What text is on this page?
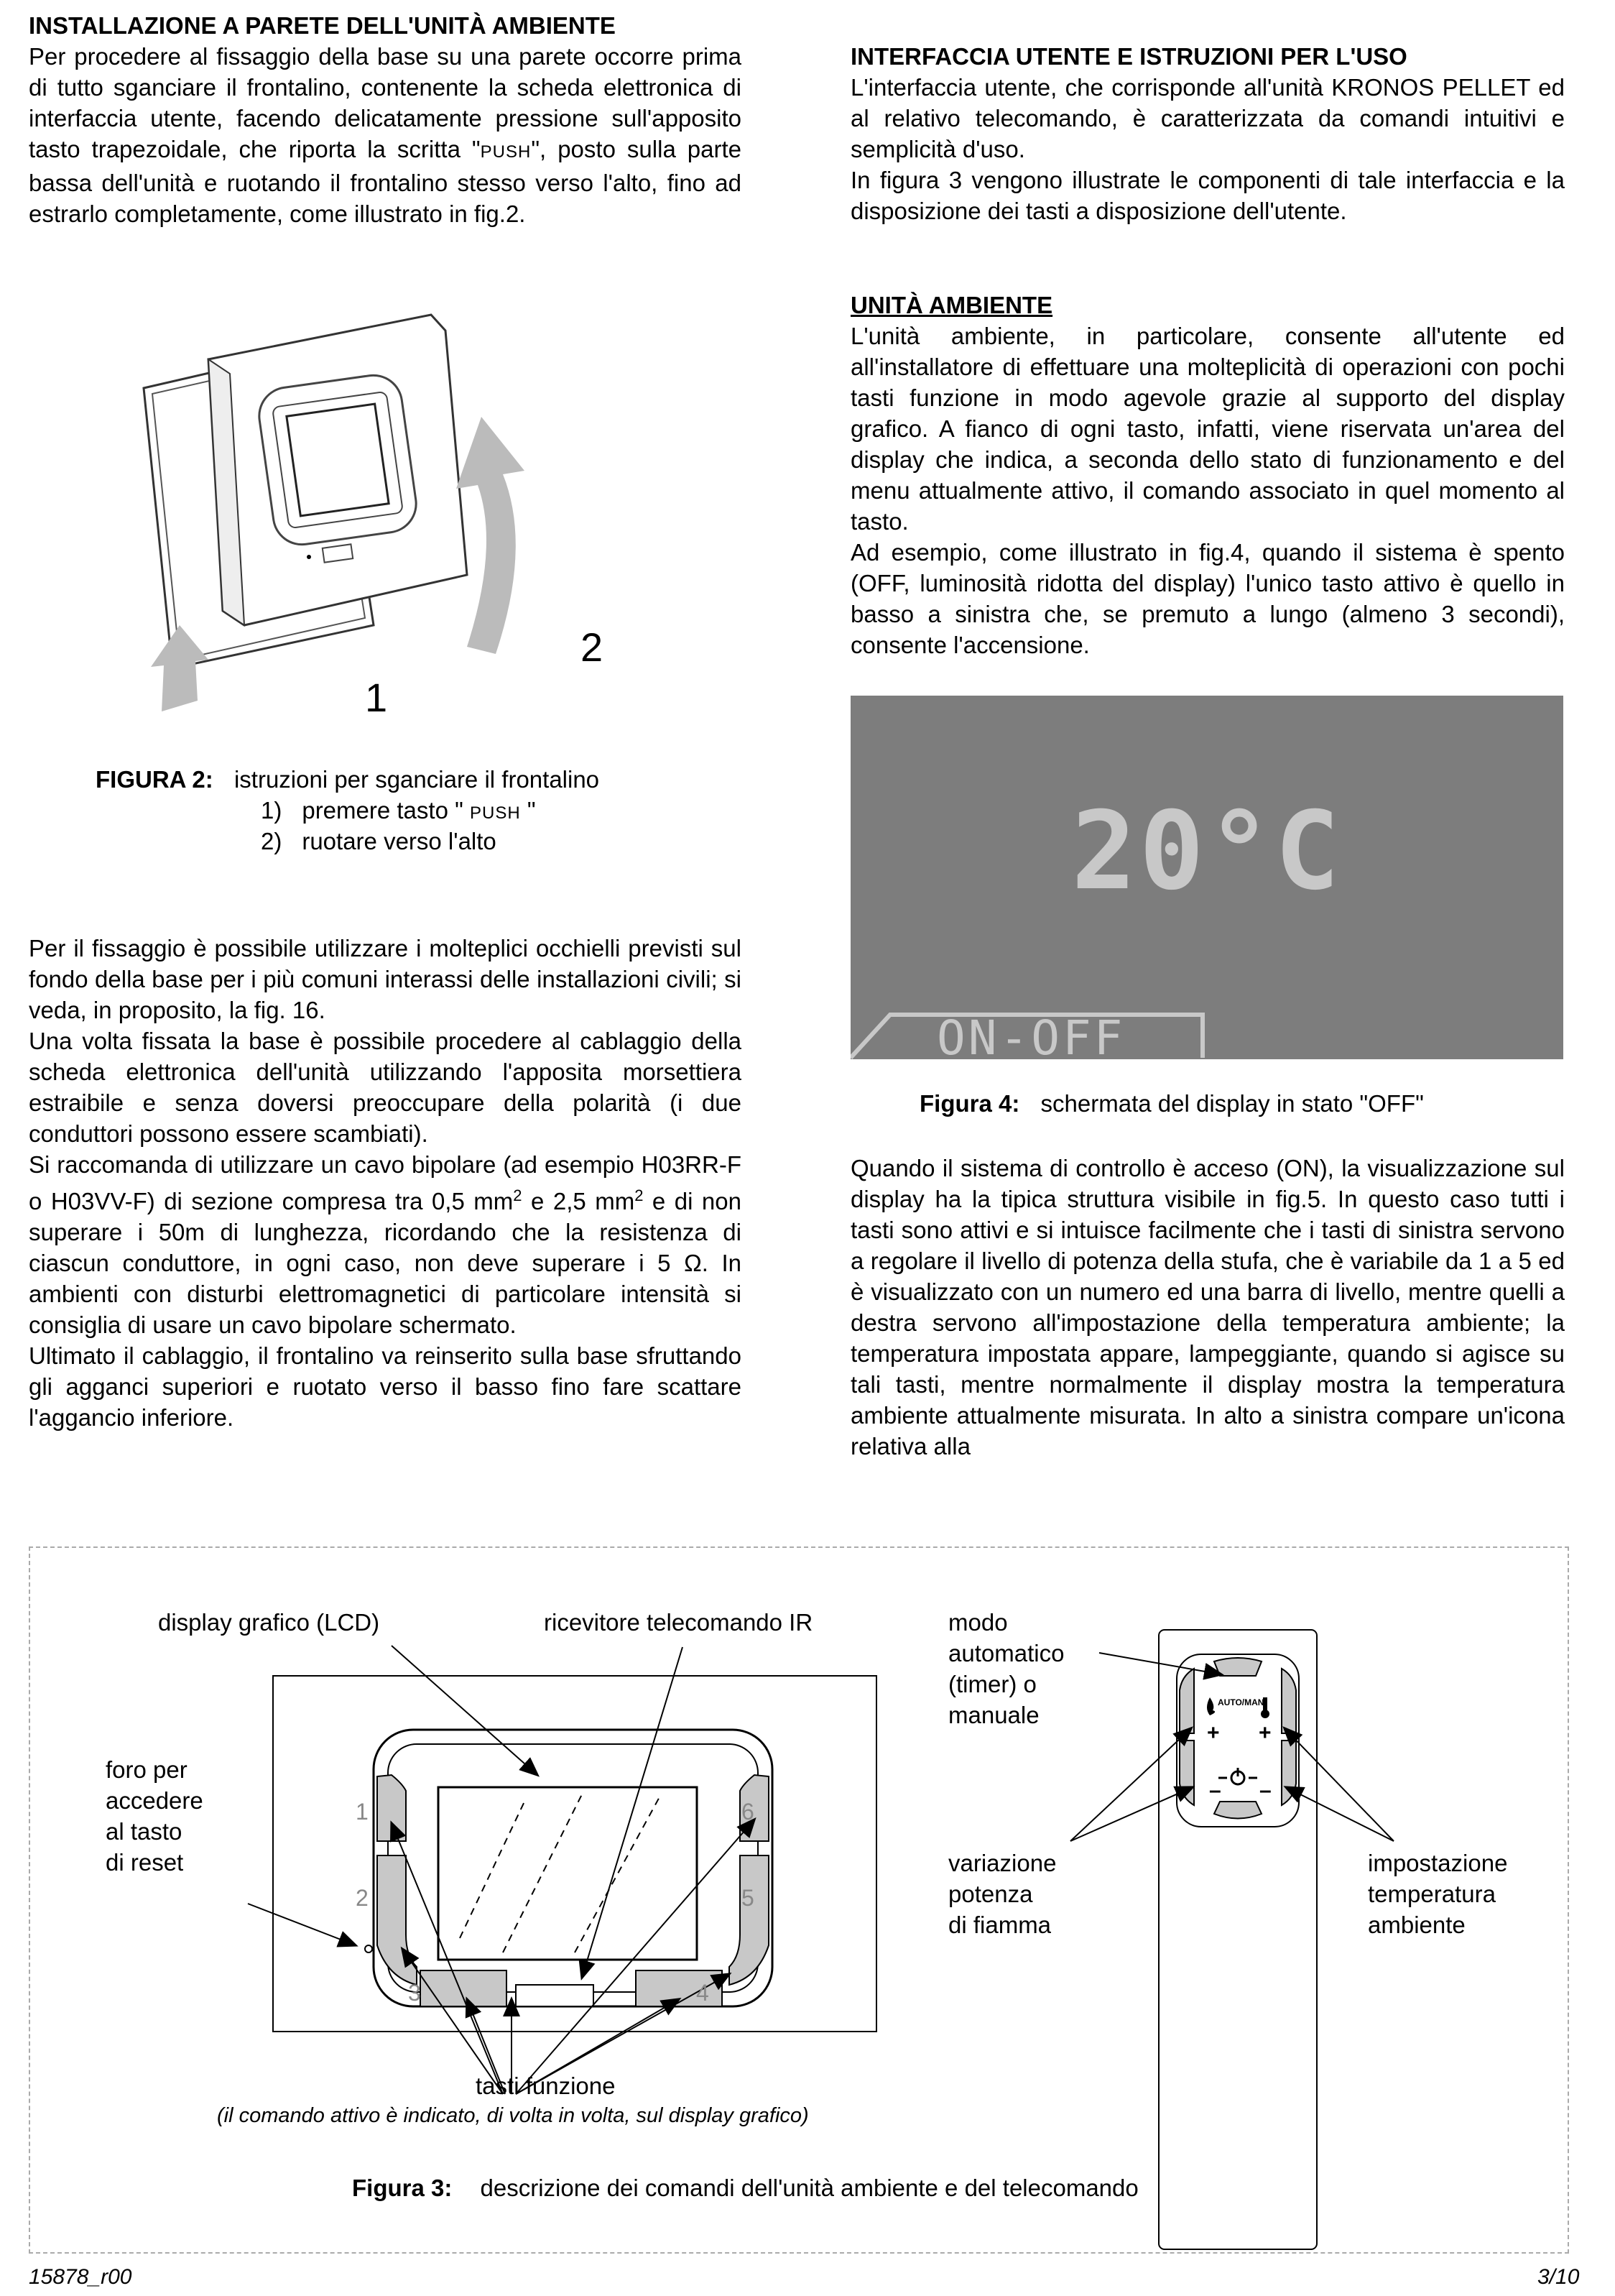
INSTALLAZIONE A PARETE DELL'UNITÀ AMBIENTE

Per procedere al fissaggio della base su una parete occorre prima di tutto sganciare il frontalino, contenente la scheda elettronica di interfaccia utente, facendo delicatamente pressione sull'apposito tasto trapezoidale, che riporta la scritta "PUSH", posto sulla parte bassa dell'unità e ruotando il frontalino stesso verso l'alto, fino ad estrarlo completamente, come illustrato in fig.2.

1
2
FIGURA 2: istruzioni per sganciare il frontalino
1) premere tasto " PUSH "
2) ruotare verso l'alto

Per il fissaggio è possibile utilizzare i molteplici occhielli previsti sul fondo della base per i più comuni interassi delle installazioni civili; si veda, in proposito, la fig. 16.

Una volta fissata la base è possibile procedere al cablaggio della scheda elettronica dell'unità utilizzando l'apposita morsettiera estraibile e senza doversi preoccupare della polarità (i due conduttori possono essere scambiati).

Si raccomanda di utilizzare un cavo bipolare (ad esempio H03RR-F o H03VV-F) di sezione compresa tra 0,5 $mm^2$ e 2,5 $mm^2$ e di non superare i 50m di lunghezza, ricordando che la resistenza di ciascun conduttore, in ogni caso, non deve superare i 5 Ω. In ambienti con disturbi elettromagnetici di particolare intensità si consiglia di usare un cavo bipolare schermato.

Ultimato il cablaggio, il frontalino va reinserito sulla base sfruttando gli agganci superiori e ruotato verso il basso fino fare scattare l'aggancio inferiore.

INTERFACCIA UTENTE E ISTRUZIONI PER L'USO

L'interfaccia utente, che corrisponde all'unità KRONOS PELLET ed al relativo telecomando, è caratterizzata da comandi intuitivi e semplicità d'uso.

In figura 3 vengono illustrate le componenti di tale interfaccia e la disposizione dei tasti a disposizione dell'utente.

UNITÀ AMBIENTE

L'unità ambiente, in particolare, consente all'utente ed all'installatore di effettuare una molteplicità di operazioni con pochi tasti funzione in modo agevole grazie al supporto del display grafico. A fianco di ogni tasto, infatti, viene riservata un'area del display che indica, a seconda dello stato di funzionamento e del menu attualmente attivo, il comando associato in quel momento al tasto.

Ad esempio, come illustrato in fig.4, quando il sistema è spento (OFF, luminosità ridotta del display) l'unico tasto attivo è quello in basso a sinistra che, se premuto a lungo (almeno 3 secondi), consente l'accensione.

20°C
ON-OFF
Figura 4: schermata del display in stato "OFF"

Quando il sistema di controllo è acceso (ON), la visualizzazione sul display ha la tipica struttura visibile in fig.5. In questo caso tutti i tasti sono attivi e si intuisce facilmente che i tasti di sinistra servono a regolare il livello di potenza della stufa, che è variabile da 1 a 5 ed è visualizzato con un numero ed una barra di livello, mentre quelli a destra servono all'impostazione della temperatura ambiente; la temperatura impostata appare, lampeggiante, quando si agisce su tali tasti, mentre normalmente il display mostra la temperatura ambiente attualmente misurata. In alto a sinistra compare un'icona relativa alla

display grafico (LCD)	ricevitore telecomando IR
foro per
accedere
al tasto
di reset
modo
automatico
(timer) o
manuale
variazione
potenza
di fiamma
impostazione
temperatura
ambiente
tasti funzione
(il comando attivo è indicato, di volta in volta, sul display grafico)
1
2
3	4
5
6
AUTO/MAN
+ +
– –
Figura 3: descrizione dei comandi dell'unità ambiente e del telecomando
15878_r00	3/10
